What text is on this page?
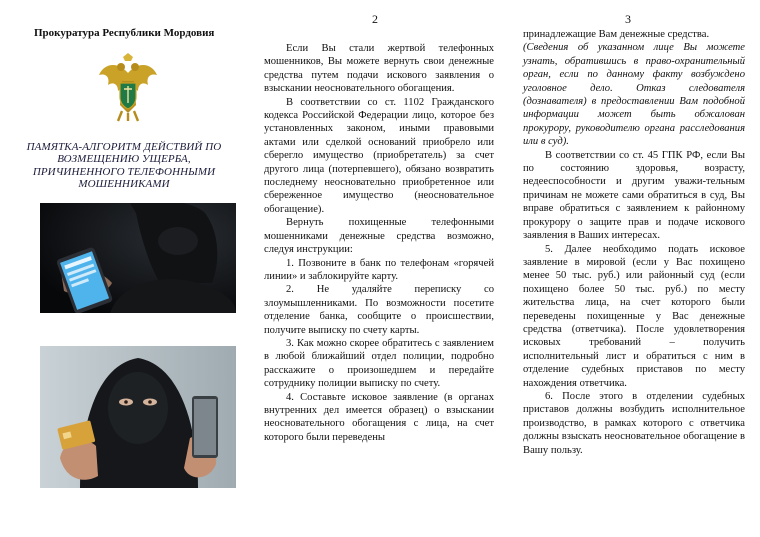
Прокуратура Республики Мордовия
ПАМЯТКА-АЛГОРИТМ ДЕЙСТВИЙ ПО
ВОЗМЕЩЕНИЮ УЩЕРБА,
ПРИЧИНЕННОГО ТЕЛЕФОННЫМИ
МОШЕННИКАМИ
2

Если Вы стали жертвой телефонных мошенников, Вы можете вернуть свои денежные средства путем подачи искового заявления о взыскании неосновательного обогащения.

В соответствии со ст. 1102 Гражданского кодекса Российской Федерации лицо, которое без установленных законом, иными правовыми актами или сделкой оснований приобрело или сберегло имущество (приобретатель) за счет другого лица (потерпевшего), обязано возвратить последнему неосновательно приобретенное или сбереженное имущество (неосновательное обогащение).

Вернуть похищенные телефонными мошенниками денежные средства возможно, следуя инструкции:

1. Позвоните в банк по телефонам «горячей линии» и заблокируйте карту.

2. Не удаляйте переписку со злоумышленниками. По возможности посетите отделение банка, сообщите о происшествии, получите выписку по счету карты.

3. Как можно скорее обратитесь с заявлением в любой ближайший отдел полиции, подробно расскажите о произошедшем и передайте сотруднику полиции выписку по счету.

4. Составьте исковое заявление (в органах внутренних дел имеется образец) о взыскании неосновательного обогащения с лица, на счет которого были переведены

3

принадлежащие Вам денежные средства.

(Сведения об указанном лице Вы можете узнать, обратившись в право-охранительный орган, если по данному факту возбуждено уголовное дело. Отказ следователя (дознавателя) в предоставлении Вам подобной информации может быть обжалован прокурору, руководителю органа расследования или в суд).

В соответствии со ст. 45 ГПК РФ, если Вы по состоянию здоровья, возрасту, недееспособности и другим уважи-тельным причинам не можете сами обратиться в суд, Вы вправе обратиться с заявлением к районному прокурору о защите прав и подаче искового заявления в Ваших интересах.

5. Далее необходимо подать исковое заявление в мировой (если у Вас похищено менее 50 тыс. руб.) или районный суд (если похищено более 50 тыс. руб.) по месту жительства лица, на счет которого были переведены похищенные у Вас денежные средства (ответчика). После удовлетворения исковых требований – получить исполнительный лист и обратиться с ним в отделение судебных приставов по месту нахождения ответчика.

6. После этого в отделении судебных приставов должны возбудить исполнительное производство, в рамках которого с ответчика должны взыскать неосновательное обогащение в Вашу пользу.
